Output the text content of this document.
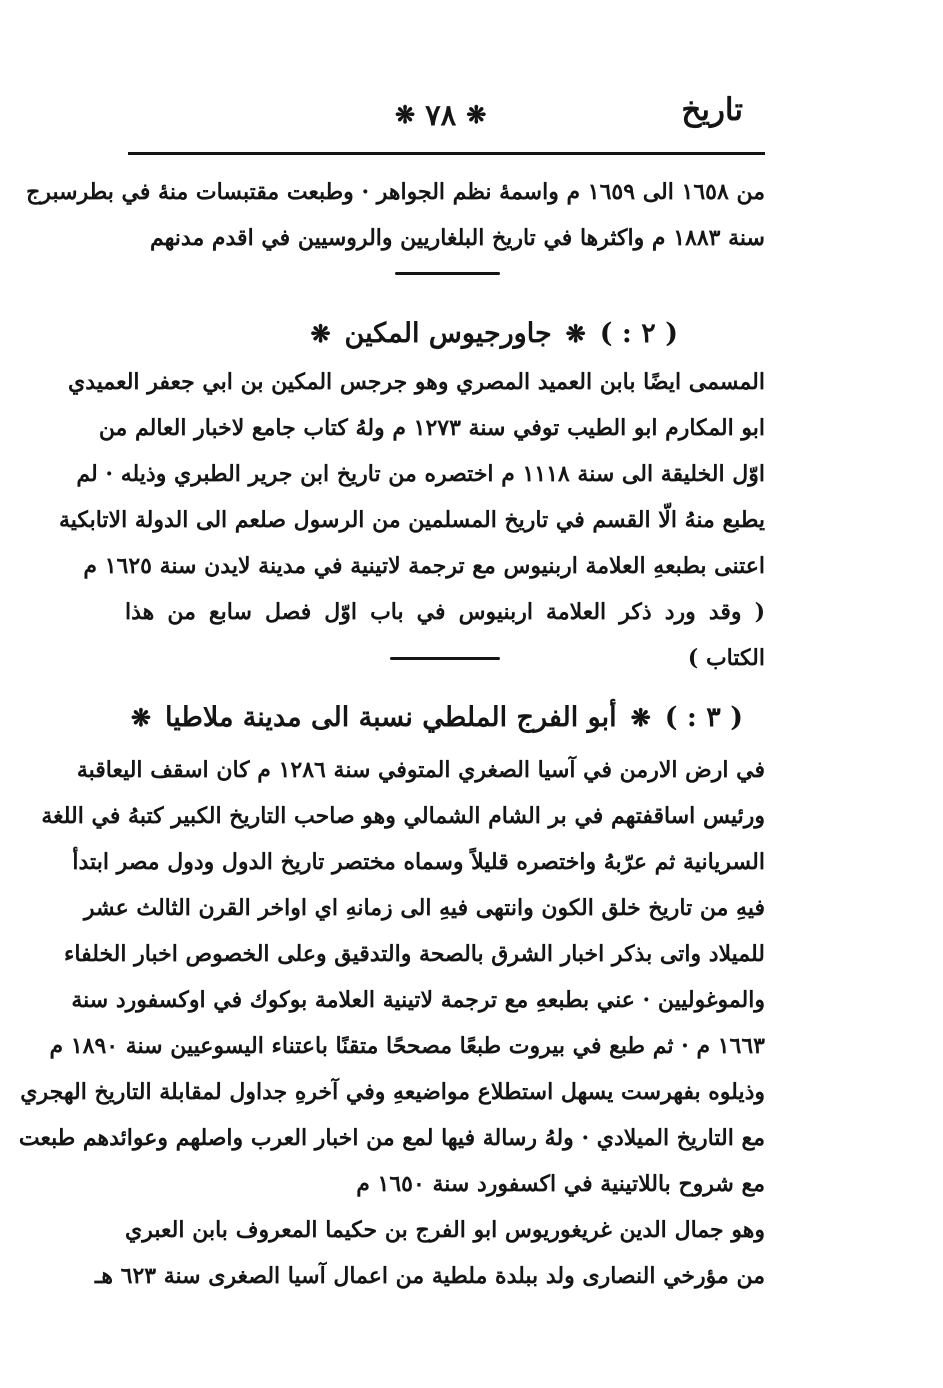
تاريخ
❋ ٧٨ ❋
من ١٦٥٨ الى ١٦٥٩ م واسمهٔ نظم الجواهر · وطبعت مقتبسات منهٔ في بطرسبرج
سنة ١٨٨٣ م واكثرها في تاريخ البلغاريين والروسيين في اقدم مدنهم
( ٢ : )
❋
جاورجيوس المكين
❋
المسمى ايضًا بابن العميد المصري وهو جرجس المكين بن ابي جعفر العميدي
ابو المكارم ابو الطيب توفي سنة ١٢٧٣ م ولهُ كتاب جامع لاخبار العالم من
اوّل الخليقة الى سنة ١١١٨ م اختصره من تاريخ ابن جرير الطبري وذيله · لم
يطبع منهُ الّا القسم في تاريخ المسلمين من الرسول صلعم الى الدولة الاتابكية
اعتنى بطبعهِ العلامة اربنيوس مع ترجمة لاتينية في مدينة لايدن سنة ١٦٢٥ م
( وقد ورد ذكر العلامة اربنيوس في باب اوّل فصل سابع من هذا
الكتاب )
( ٣ : )
❋
أبو الفرج الملطي نسبة الى مدينة ملاطيا
❋
في ارض الارمن في آسيا الصغري المتوفي سنة ١٢٨٦ م كان اسقف اليعاقبة
ورئيس اساقفتهم في بر الشام الشمالي وهو صاحب التاريخ الكبير كتبهُ في اللغة
السريانية ثم عرّبهُ واختصره قليلاً وسماه مختصر تاريخ الدول ودول مصر ابتدأ
فيهِ من تاريخ خلق الكون وانتهى فيهِ الى زمانهِ اي اواخر القرن الثالث عشر
للميلاد واتى بذكر اخبار الشرق بالصحة والتدقيق وعلى الخصوص اخبار الخلفاء
والموغوليين · عني بطبعهِ مع ترجمة لاتينية العلامة بوكوك في اوكسفورد سنة
١٦٦٣ م · ثم طبع في بيروت طبعًا مصححًا متقنًا باعتناء اليسوعيين سنة ١٨٩٠ م
وذيلوه بفهرست يسهل استطلاع مواضيعهِ وفي آخرهِ جداول لمقابلة التاريخ الهجري
مع التاريخ الميلادي · ولهُ رسالة فيها لمع من اخبار العرب واصلهم وعوائدهم طبعت
مع شروح باللاتينية في اكسفورد سنة ١٦٥٠ م
وهو جمال الدين غريغوريوس ابو الفرج بن حكيما المعروف بابن العبري
من مؤرخي النصارى ولد ببلدة ملطية من اعمال آسيا الصغرى سنة ٦٢٣ هـ
